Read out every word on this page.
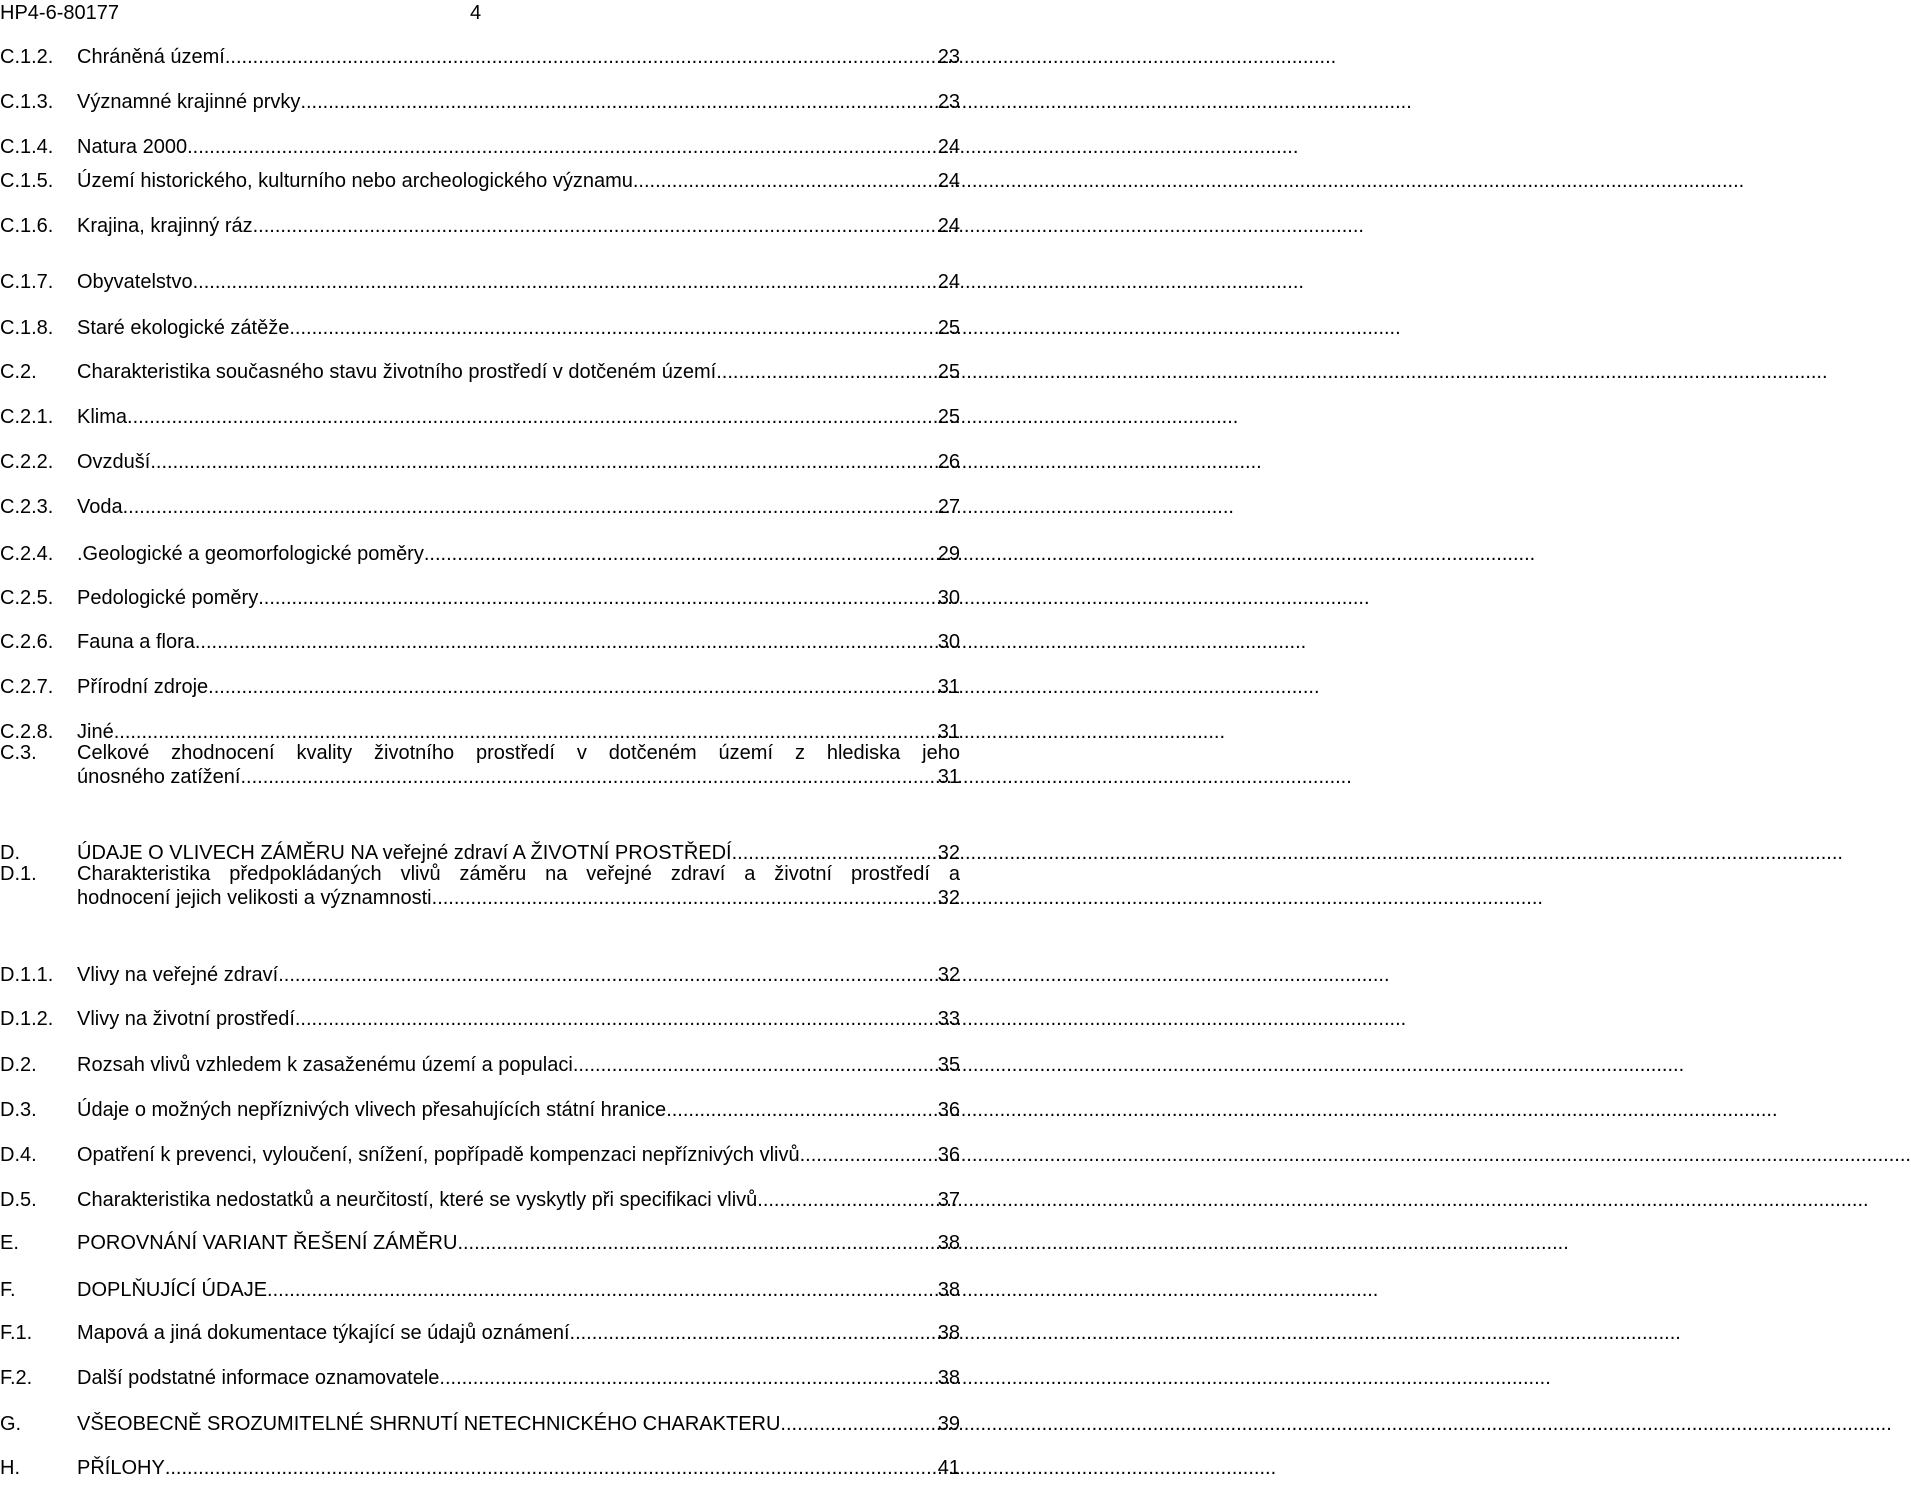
HP4-6-80177	4
C.1.2. Chráněná území .....	23
C.1.3. Významné krajinné prvky .....	23
C.1.4. Natura 2000 .....	24
C.1.5. Území historického, kulturního nebo archeologického významu .....	24
C.1.6. Krajina, krajinný ráz .....	24
C.1.7. Obyvatelstvo .....	24
C.1.8. Staré ekologické zátěže .....	25
C.2. Charakteristika současného stavu životního prostředí v dotčeném území .....	25
C.2.1. Klima .....	25
C.2.2. Ovzduší .....	26
C.2.3. Voda .....	27
C.2.4. .Geologické a geomorfologické poměry .....	29
C.2.5. Pedologické poměry .....	30
C.2.6. Fauna a flora .....	30
C.2.7. Přírodní zdroje .....	31
C.2.8. Jiné .....	31
C.3. Celkové zhodnocení kvality životního prostředí v dotčeném území z hlediska jeho
únosného zatížení .....	31
D.	ÚDAJE O VLIVECH ZÁMĚRU NA veřejné zdraví A ŽIVOTNÍ PROSTŘEDÍ .....	32
D.1. Charakteristika předpokládaných vlivů záměru na veřejné zdraví a životní prostředí a
hodnocení jejich velikosti a významnosti .....	32
D.1.1. Vlivy na veřejné zdraví .....	32
D.1.2. Vlivy na životní prostředí .....	33
D.2. Rozsah vlivů vzhledem k zasaženému území a populaci .....	35
D.3. Údaje o možných nepříznivých vlivech přesahujících státní hranice .....	36
D.4. Opatření k prevenci, vyloučení, snížení, popřípadě kompenzaci nepříznivých vlivů .....	36
D.5. Charakteristika nedostatků a neurčitostí, které se vyskytly při specifikaci vlivů .....	37
E.	POROVNÁNÍ VARIANT ŘEŠENÍ ZÁMĚRU .....	38
F.	DOPLŇUJÍCÍ ÚDAJE .....	38
F.1. Mapová a jiná dokumentace týkající se údajů oznámení .....	38
F.2. Další podstatné informace oznamovatele .....	38
G.	VŠEOBECNĚ SROZUMITELNÉ SHRNUTÍ NETECHNICKÉHO CHARAKTERU .....	39
H.	PŘÍLOHY .....	41
